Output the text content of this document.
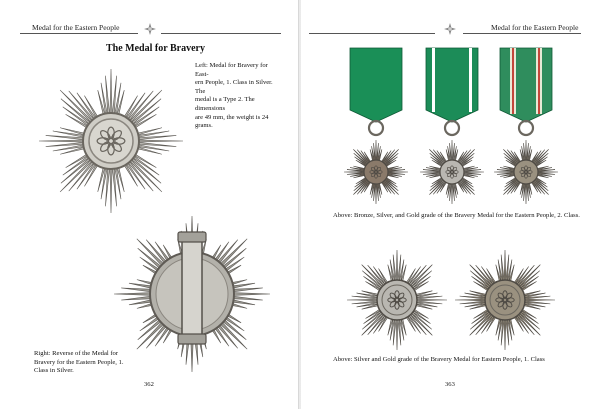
Medal for the Eastern People
The Medal for Bravery
Left: Medal for Bravery for East-
ern People, 1. Class in Silver. The
medal is a Type 2. The dimensions
are 49 mm, the weight is 24 grams.
Right: Reverse of the Medal for
Bravery for the Eastern People, 1.
Class in Silver.
362
Medal for the Eastern People
Above: Bronze, Silver, and Gold grade of the Bravery Medal for the Eastern People, 2. Class.
Above: Silver and Gold grade of the Bravery Medal for Eastern People, 1. Class
363
